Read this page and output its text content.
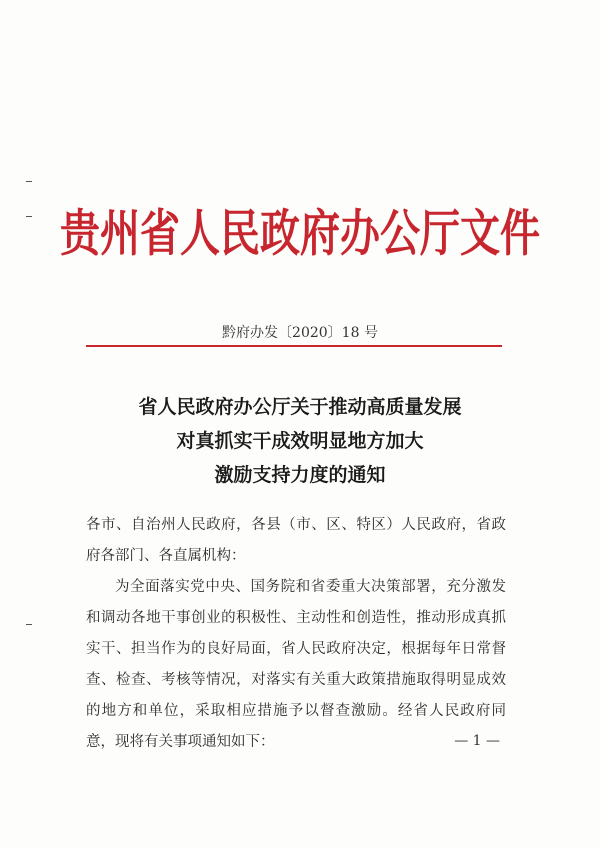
贵州省人民政府办公厅文件
黔府办发〔2020〕18 号
省人民政府办公厅关于推动高质量发展
对真抓实干成效明显地方加大
激励支持力度的通知

各市、自治州人民政府，各县（市、区、特区）人民政府，省政府各部门、各直属机构：

为全面落实党中央、国务院和省委重大决策部署，充分激发和调动各地干事创业的积极性、主动性和创造性，推动形成真抓实干、担当作为的良好局面，省人民政府决定，根据每年日常督查、检查、考核等情况，对落实有关重大政策措施取得明显成效的地方和单位，采取相应措施予以督查激励。经省人民政府同意，现将有关事项通知如下：	— 1 —
